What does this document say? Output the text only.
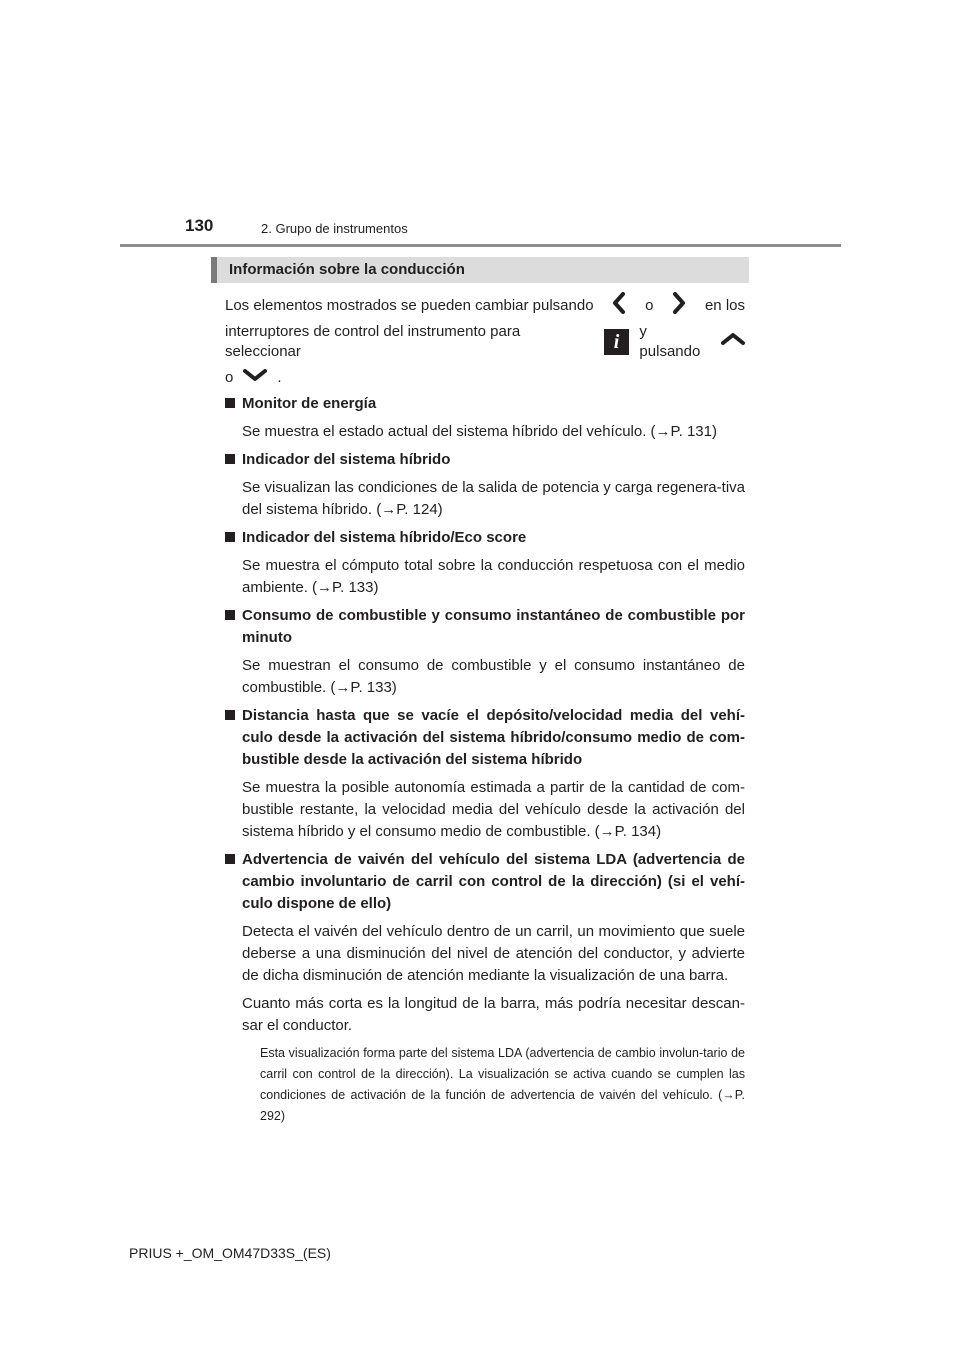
130	2. Grupo de instrumentos
Información sobre la conducción
Los elementos mostrados se pueden cambiar pulsando	o	en los
interruptores de control del instrumento para seleccionar	i	y pulsando
o	.
Monitor de energía
Se muestra el estado actual del sistema híbrido del vehículo. (→P. 131)
Indicador del sistema híbrido
Se visualizan las condiciones de la salida de potencia y carga regenera-tiva del sistema híbrido. (→P. 124)
Indicador del sistema híbrido/Eco score
Se muestra el cómputo total sobre la conducción respetuosa con el medio ambiente. (→P. 133)
Consumo de combustible y consumo instantáneo de combustible por minuto
Se muestran el consumo de combustible y el consumo instantáneo de combustible. (→P. 133)
Distancia hasta que se vacíe el depósito/velocidad media del vehí-culo desde la activación del sistema híbrido/consumo medio de com-bustible desde la activación del sistema híbrido
Se muestra la posible autonomía estimada a partir de la cantidad de com-bustible restante, la velocidad media del vehículo desde la activación del sistema híbrido y el consumo medio de combustible. (→P. 134)
Advertencia de vaivén del vehículo del sistema LDA (advertencia de cambio involuntario de carril con control de la dirección) (si el vehí-culo dispone de ello)
Detecta el vaivén del vehículo dentro de un carril, un movimiento que suele deberse a una disminución del nivel de atención del conductor, y advierte de dicha disminución de atención mediante la visualización de una barra.
Cuanto más corta es la longitud de la barra, más podría necesitar descan-sar el conductor.
Esta visualización forma parte del sistema LDA (advertencia de cambio involun-tario de carril con control de la dirección). La visualización se activa cuando se cumplen las condiciones de activación de la función de advertencia de vaivén del vehículo. (→P. 292)
PRIUS +_OM_OM47D33S_(ES)
